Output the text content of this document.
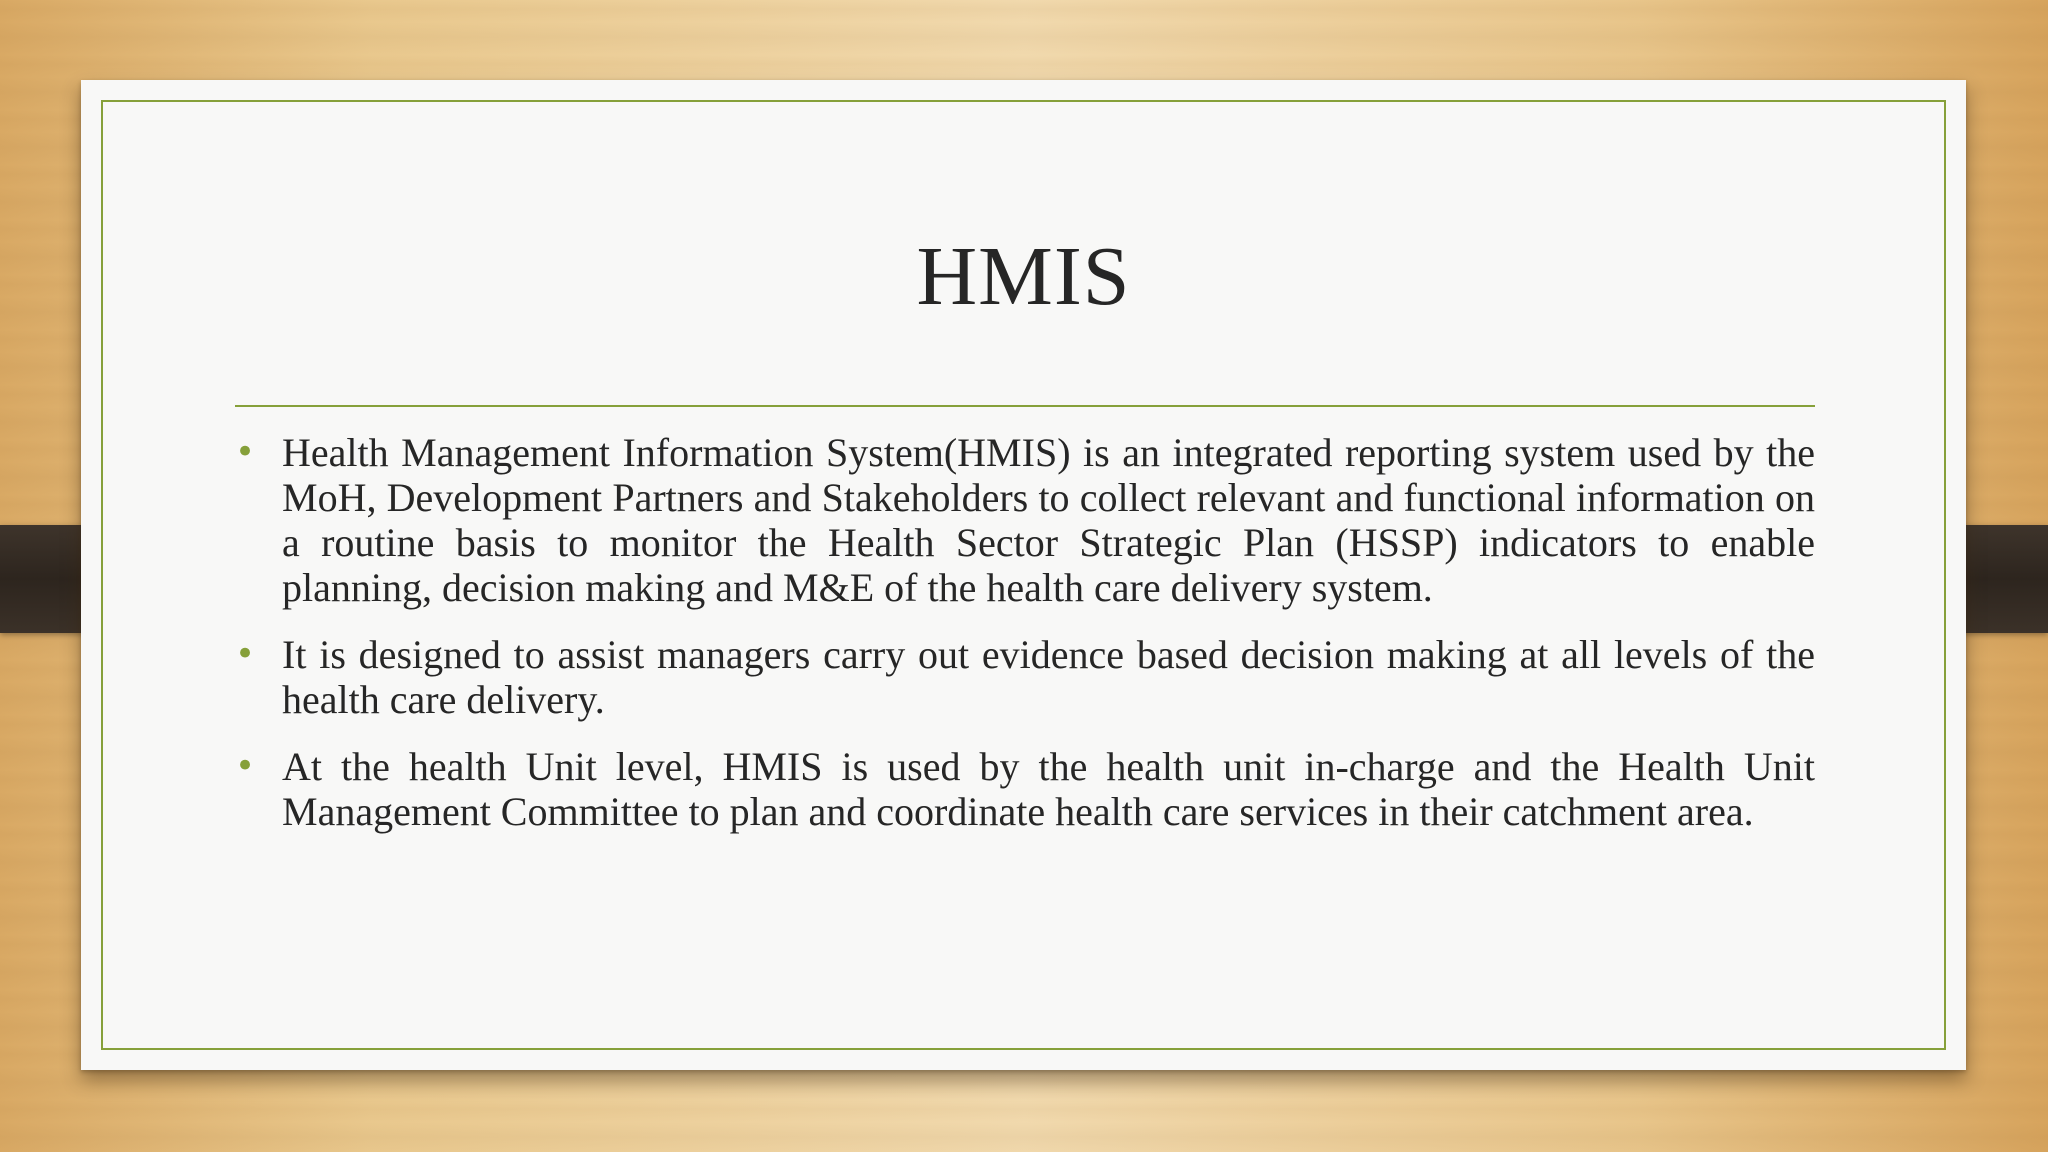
HMIS
• Health Management Information System(HMIS) is an integrated reporting system used by the MoH, Development Partners and Stakeholders to collect relevant and functional information on a routine basis to monitor the Health Sector Strategic Plan (HSSP) indicators to enable planning, decision making and M&E of the health care delivery system.
• It is designed to assist managers carry out evidence based decision making at all levels of the health care delivery.
• At the health Unit level, HMIS is used by the health unit in-charge and the Health Unit Management Committee to plan and coordinate health care services in their catchment area.
